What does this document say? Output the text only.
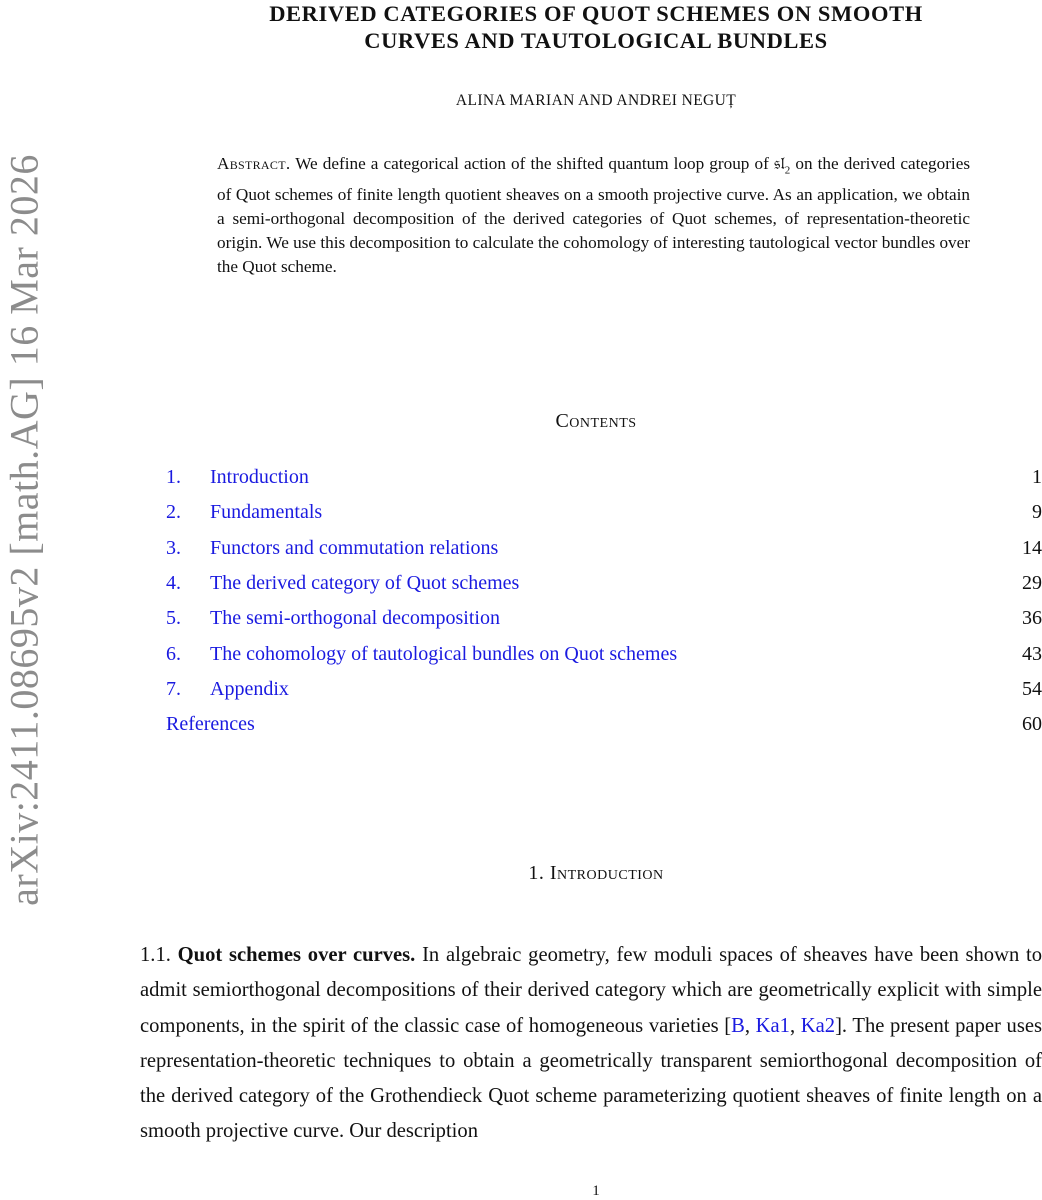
arXiv:2411.08695v2 [math.AG] 16 Mar 2026
DERIVED CATEGORIES OF QUOT SCHEMES ON SMOOTH
CURVES AND TAUTOLOGICAL BUNDLES
ALINA MARIAN AND ANDREI NEGUȚ
Abstract. We define a categorical action of the shifted quantum loop group of 𝔰𝔩$_2$ on the derived categories of Quot schemes of finite length quotient sheaves on a smooth projective curve. As an application, we obtain a semi-orthogonal decomposition of the derived categories of Quot schemes, of representation-theoretic origin. We use this decomposition to calculate the cohomology of interesting tautological vector bundles over the Quot scheme.
Contents
1.	Introduction	1
2.	Fundamentals	9
3.	Functors and commutation relations	14
4.	The derived category of Quot schemes	29
5.	The semi-orthogonal decomposition	36
6.	The cohomology of tautological bundles on Quot schemes	43
7.	Appendix	54
References	60
1. Introduction
1.1. Quot schemes over curves. In algebraic geometry, few moduli spaces of sheaves have been shown to admit semiorthogonal decompositions of their derived category which are geometrically explicit with simple components, in the spirit of the classic case of homogeneous varieties [B, Ka1, Ka2]. The present paper uses representation-theoretic techniques to obtain a geometrically transparent semiorthogonal decomposition of the derived category of the Grothendieck Quot scheme parameterizing quotient sheaves of finite length on a smooth projective curve. Our description
1
